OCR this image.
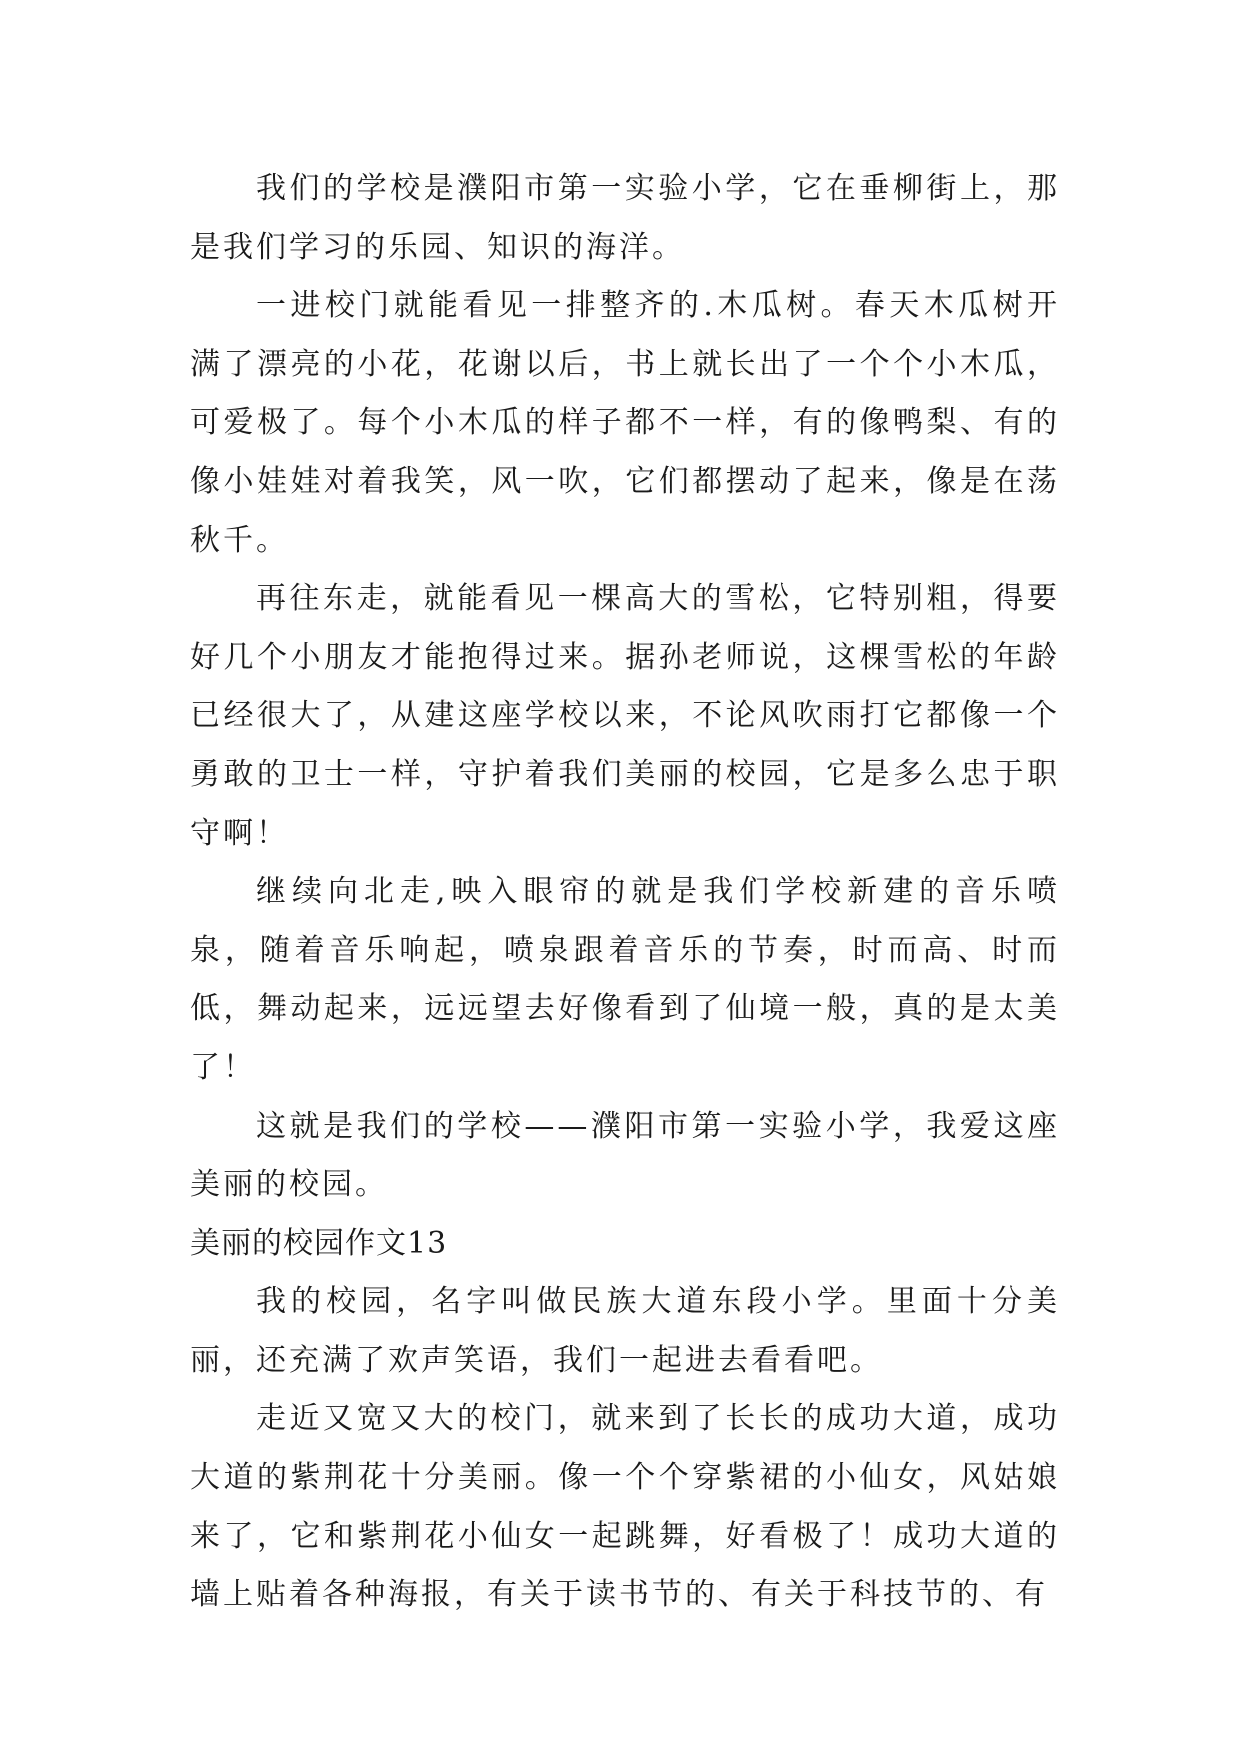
我们的学校是濮阳市第一实验小学，它在垂柳街上，那是我们学习的乐园、知识的海洋。

一进校门就能看见一排整齐的.木瓜树。春天木瓜树开满了漂亮的小花，花谢以后，书上就长出了一个个小木瓜，可爱极了。每个小木瓜的样子都不一样，有的像鸭梨、有的像小娃娃对着我笑，风一吹，它们都摆动了起来，像是在荡秋千。

再往东走，就能看见一棵高大的雪松，它特别粗，得要好几个小朋友才能抱得过来。据孙老师说，这棵雪松的年龄已经很大了，从建这座学校以来，不论风吹雨打它都像一个勇敢的卫士一样，守护着我们美丽的校园，它是多么忠于职守啊！

继续向北走,映入眼帘的就是我们学校新建的音乐喷泉，随着音乐响起，喷泉跟着音乐的节奏，时而高、时而低，舞动起来，远远望去好像看到了仙境一般，真的是太美了！

这就是我们的学校——濮阳市第一实验小学，我爱这座美丽的校园。

美丽的校园作文13

我的校园，名字叫做民族大道东段小学。里面十分美丽，还充满了欢声笑语，我们一起进去看看吧。

走近又宽又大的校门，就来到了长长的成功大道，成功大道的紫荆花十分美丽。像一个个穿紫裙的小仙女，风姑娘来了，它和紫荆花小仙女一起跳舞，好看极了！成功大道的墙上贴着各种海报，有关于读书节的、有关于科技节的、有
